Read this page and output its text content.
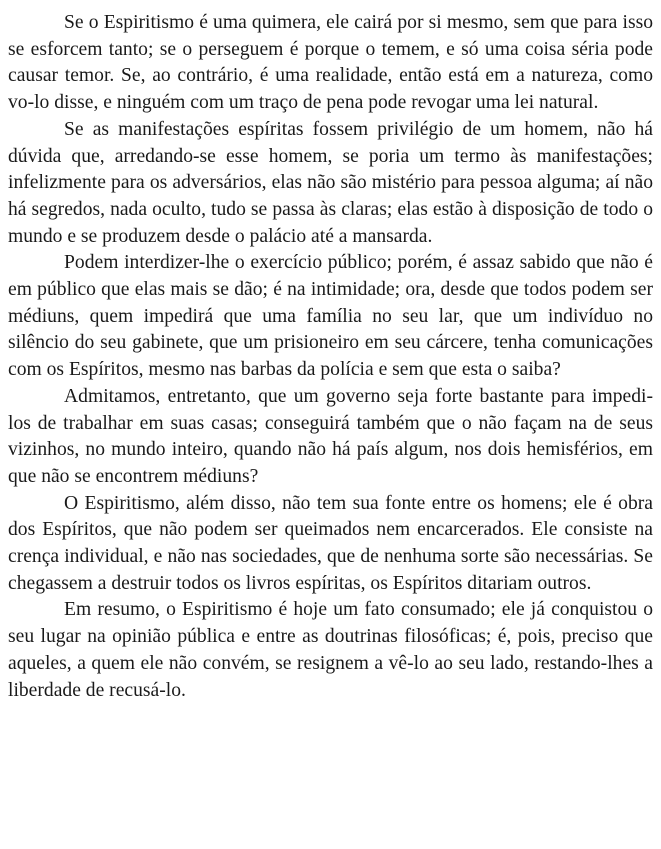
Se o Espiritismo é uma quimera, ele cairá por si mesmo, sem que para isso se esforcem tanto; se o perseguem é porque o temem, e só uma coisa séria pode causar temor. Se, ao contrário, é uma realidade, então está em a natureza, como vo-lo disse, e ninguém com um traço de pena pode revogar uma lei natural.

Se as manifestações espíritas fossem privilégio de um homem, não há dúvida que, arredando-se esse homem, se poria um termo às manifestações; infelizmente para os adversários, elas não são mistério para pessoa alguma; aí não há segredos, nada oculto, tudo se passa às claras; elas estão à disposição de todo o mundo e se produzem desde o palácio até a mansarda.

Podem interdizer-lhe o exercício público; porém, é assaz sabido que não é em público que elas mais se dão; é na intimidade; ora, desde que todos podem ser médiuns, quem impedirá que uma família no seu lar, que um indivíduo no silêncio do seu gabinete, que um prisioneiro em seu cárcere, tenha comunicações com os Espíritos, mesmo nas barbas da polícia e sem que esta o saiba?

Admitamos, entretanto, que um governo seja forte bastante para impedi-los de trabalhar em suas casas; conseguirá também que o não façam na de seus vizinhos, no mundo inteiro, quando não há país algum, nos dois hemisférios, em que não se encontrem médiuns?

O Espiritismo, além disso, não tem sua fonte entre os homens; ele é obra dos Espíritos, que não podem ser queimados nem encarcerados. Ele consiste na crença individual, e não nas sociedades, que de nenhuma sorte são necessárias. Se chegassem a destruir todos os livros espíritas, os Espíritos ditariam outros.

Em resumo, o Espiritismo é hoje um fato consumado; ele já conquistou o seu lugar na opinião pública e entre as doutrinas filosóficas; é, pois, preciso que aqueles, a quem ele não convém, se resignem a vê-lo ao seu lado, restando-lhes a liberdade de recusá-lo.
